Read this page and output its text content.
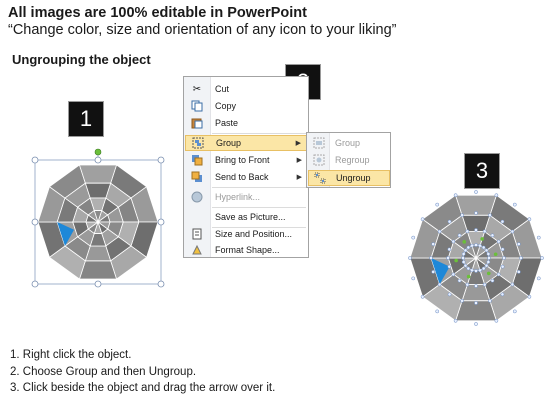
All images are 100% editable in PowerPoint
“Change color, size and orientation of any icon to your liking”
Ungrouping the object
1
3
✂	Cut
Copy
Paste
Group	▶
Bring to Front	▶
Send to Back	▶
Hyperlink...
Save as Picture...
Size and Position...
Format Shape...
Group
Regroup
Ungroup
1. Right click the object.
2. Choose Group and then Ungroup.
3. Click beside the object and drag the arrow over it.
